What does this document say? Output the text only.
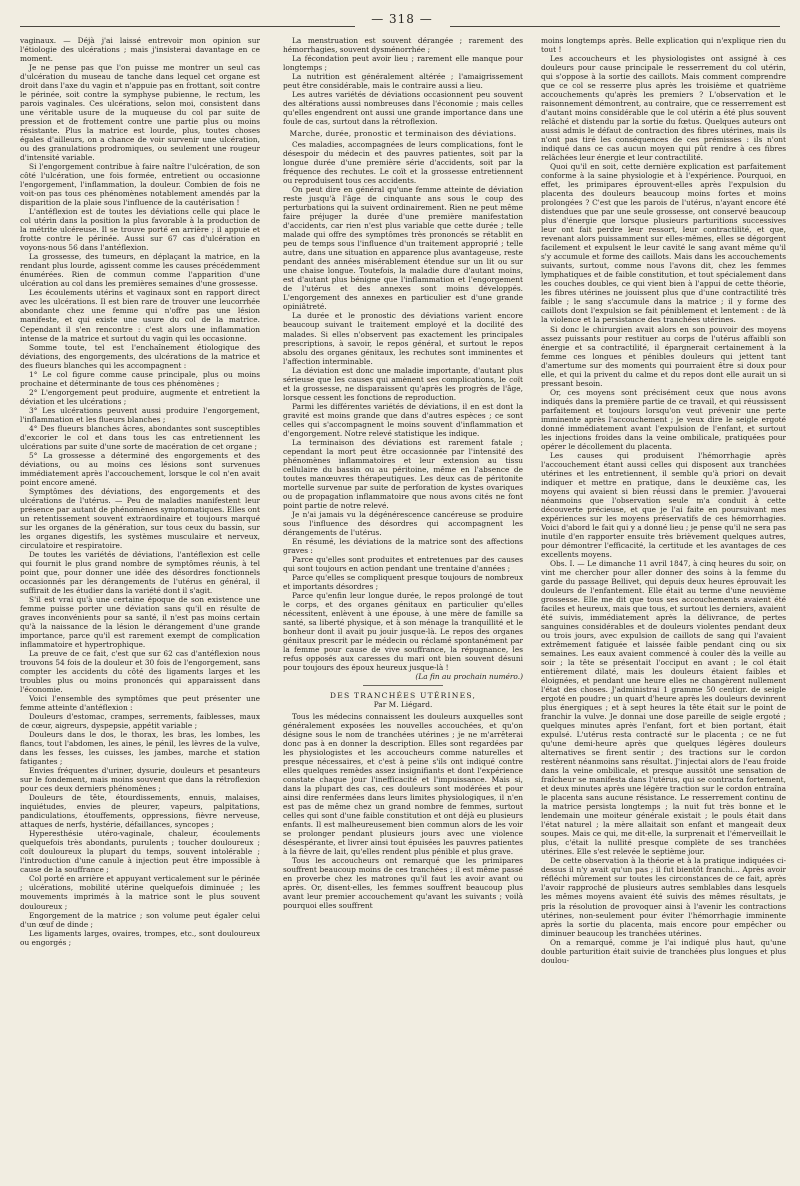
— 318 —

vaginaux. — Déjà j'ai laissé entrevoir mon opinion sur l'étiologie des ulcérations ; mais j'insisterai davantage en ce moment.

Je ne pense pas que l'on puisse me montrer un seul cas d'ulcération du museau de tanche dans lequel cet organe est droit dans l'axe du vagin et n'appuie pas en frottant, soit contre le périnée, soit contre la symphyse pubienne, le rectum, les parois vaginales. Ces ulcérations, selon moi, consistent dans une véritable usure de la muqueuse du col par suite de pression et de frottement contre une partie plus ou moins résistante. Plus la matrice est lourde, plus, toutes choses égales d'ailleurs, on a chance de voir survenir une ulcération, ou des granulations prodromiques, ou seulement une rougeur d'intensité variable.

Si l'engorgement contribue à faire naître l'ulcération, de son côté l'ulcération, une fois formée, entretient ou occasionne l'engorgement, l'inflammation, la douleur. Combien de fois ne voit-on pas tous ces phénomènes notablement amendés par la disparition de la plaie sous l'influence de la cautérisation !

L'antéflexion est de toutes les déviations celle qui place le col utérin dans la position la plus favorable à la production de la métrite ulcéreuse. Il se trouve porté en arrière ; il appuie et frotte contre le périnée. Aussi sur 67 cas d'ulcération en voyons-nous 56 dans l'antéflexion.

La grossesse, des tumeurs, en déplaçant la matrice, en la rendant plus lourde, agissent comme les causes précédemment énumérées. Rien de commun comme l'apparition d'une ulcération au col dans les premières semaines d'une grossesse.

Les écoulements utérins et vaginaux sont en rapport direct avec les ulcérations. Il est bien rare de trouver une leucorrhée abondante chez une femme qui n'offre pas une lésion manifeste, et qui existe une usure du col de la matrice. Cependant il s'en rencontre : c'est alors une inflammation intense de la matrice et surtout du vagin qui les occasionne.

Somme toute, tel est l'enchaînement étiologique des déviations, des engorgements, des ulcérations de la matrice et des flueurs blanches qui les accompagnent :

1° Le col figure comme cause principale, plus ou moins prochaine et déterminante de tous ces phénomènes ;

2° L'engorgement peut produire, augmente et entretient la déviation et les ulcérations ;

3° Les ulcérations peuvent aussi produire l'engorgement, l'inflammation et les flueurs blanches ;

4° Des flueurs blanches âcres, abondantes sont susceptibles d'excorier le col et dans tous les cas entretiennent les ulcérations par suite d'une sorte de macération de cet organe ;

5° La grossesse a déterminé des engorgements et des déviations, ou au moins ces lésions sont survenues immédiatement après l'accouchement, lorsque le col n'en avait point encore amené.

Symptômes des déviations, des engorgements et des ulcérations de l'utérus. — Peu de maladies manifestent leur présence par autant de phénomènes symptomatiques. Elles ont un retentissement souvent extraordinaire et toujours marqué sur les organes de la génération, sur tous ceux du bassin, sur les organes digestifs, les systèmes musculaire et nerveux, circulatoire et respiratoire.

De toutes les variétés de déviations, l'antéflexion est celle qui fournit le plus grand nombre de symptômes réunis, à tel point que, pour donner une idée des désordres fonctionnels occasionnés par les dérangements de l'utérus en général, il suffirait de les étudier dans la variété dont il s'agit.

S'il est vrai qu'à une certaine époque de son existence une femme puisse porter une déviation sans qu'il en résulte de graves inconvénients pour sa santé, il n'est pas moins certain qu'à la naissance de la lésion le dérangement d'une grande importance, parce qu'il est rarement exempt de complication inflammatoire et hypertrophique.

La preuve de ce fait, c'est que sur 62 cas d'antéflexion nous trouvons 54 fois de la douleur et 30 fois de l'engorgement, sans compter les accidents du côté des ligaments larges et les troubles plus ou moins prononcés qui apparaissent dans l'économie.

Voici l'ensemble des symptômes que peut présenter une femme atteinte d'antéflexion :

Douleurs d'estomac, crampes, serrements, faiblesses, maux de cœur, aigreurs, dyspepsie, appétit variable ;

Douleurs dans le dos, le thorax, les bras, les lombes, les flancs, tout l'abdomen, les aines, le pénil, les lèvres de la vulve, dans les fesses, les cuisses, les jambes, marche et station fatigantes ;

Envies fréquentes d'uriner, dysurie, douleurs et pesanteurs sur le fondement, mais moins souvent que dans la rétroflexion pour ces deux derniers phénomènes ;

Douleurs de tête, étourdissements, ennuis, malaises, inquiétudes, envies de pleurer, vapeurs, palpitations, pandiculations, étouffements, oppressions, fièvre nerveuse, attaques de nerfs, hystérie, défaillances, syncopes ;

Hyperesthésie utéro-vaginale, chaleur, écoulements quelquefois très abondants, purulents ; toucher douloureux ; coït douloureux la plupart du temps, souvent intolérable ; l'introduction d'une canule à injection peut être impossible à cause de la souffrance ;

Col porté en arrière et appuyant verticalement sur le périnée ; ulcérations, mobilité utérine quelquefois diminuée ; les mouvements imprimés à la matrice sont le plus souvent douloureux ;

Engorgement de la matrice ; son volume peut égaler celui d'un œuf de dinde ;

Les ligaments larges, ovaires, trompes, etc., sont douloureux ou engorgés ;

La menstruation est souvent dérangée ; rarement des hémorrhagies, souvent dysménorrhée ;

La fécondation peut avoir lieu ; rarement elle manque pour longtemps ;

La nutrition est généralement altérée ; l'amaigrissement peut être considérable, mais le contraire aussi a lieu.

Les autres variétés de déviations occasionnent peu souvent des altérations aussi nombreuses dans l'économie ; mais celles qu'elles engendrent ont aussi une grande importance dans une foule de cas, surtout dans la rétroflexion.

Marche, durée, pronostic et terminaison des déviations.

Ces maladies, accompagnées de leurs complications, font le désespoir du médecin et des pauvres patientes, soit par la longue durée d'une première série d'accidents, soit par la fréquence des rechutes. Le coït et la grossesse entretiennent ou reproduisent tous ces accidents.

On peut dire en général qu'une femme atteinte de déviation reste jusqu'à l'âge de cinquante ans sous le coup des perturbations qui la suivent ordinairement. Rien ne peut même faire préjuger la durée d'une première manifestation d'accidents, car rien n'est plus variable que cette durée ; telle malade qui offre des symptômes très prononcés se rétablit en peu de temps sous l'influence d'un traitement approprié ; telle autre, dans une situation en apparence plus avantageuse, reste pendant des années misérablement étendue sur un lit ou sur une chaise longue. Toutefois, la maladie dure d'autant moins, est d'autant plus bénigne que l'inflammation et l'engorgement de l'utérus et des annexes sont moins développés. L'engorgement des annexes en particulier est d'une grande opiniâtreté.

La durée et le pronostic des déviations varient encore beaucoup suivant le traitement employé et la docilité des malades. Si elles n'observent pas exactement les principales prescriptions, à savoir, le repos général, et surtout le repos absolu des organes génitaux, les rechutes sont imminentes et l'affection interminable.

La déviation est donc une maladie importante, d'autant plus sérieuse que les causes qui amènent ses complications, le coït et la grossesse, ne disparaissent qu'après les progrès de l'âge, lorsque cessent les fonctions de reproduction.

Parmi les différentes variétés de déviations, il en est dont la gravité est moins grande que dans d'autres espèces ; ce sont celles qui s'accompagnent le moins souvent d'inflammation et d'engorgement. Notre relevé statistique les indique.

La terminaison des déviations est rarement fatale ; cependant la mort peut être occasionnée par l'intensité des phénomènes inflammatoires et leur extension au tissu cellulaire du bassin ou au péritoine, même en l'absence de toutes manœuvres thérapeutiques. Les deux cas de péritonite mortelle survenue par suite de perforation de kystes ovariques ou de propagation inflammatoire que nous avons cités ne font point partie de notre relevé.

Je n'ai jamais vu la dégénérescence cancéreuse se produire sous l'influence des désordres qui accompagnent les dérangements de l'utérus.

En résumé, les déviations de la matrice sont des affections graves :

Parce qu'elles sont produites et entretenues par des causes qui sont toujours en action pendant une trentaine d'années ;

Parce qu'elles se compliquent presque toujours de nombreux et importants désordres ;

Parce qu'enfin leur longue durée, le repos prolongé de tout le corps, et des organes génitaux en particulier qu'elles nécessitent, enlèvent à une épouse, à une mère de famille sa santé, sa liberté physique, et à son ménage la tranquillité et le bonheur dont il avait pu jouir jusque-là. Le repos des organes génitaux prescrit par le médecin ou réclamé spontanément par la femme pour cause de vive souffrance, la répugnance, les refus opposés aux caresses du mari ont bien souvent désuni pour toujours des époux heureux jusque-là !

(La fin au prochain numéro.)

DES TRANCHÉES UTÉRINES,

Par M. Liégard.

Tous les médecins connaissent les douleurs auxquelles sont généralement exposées les nouvelles accouchées, et qu'on désigne sous le nom de tranchées utérines ; je ne m'arrêterai donc pas à en donner la description. Elles sont regardées par les physiologistes et les accoucheurs comme naturelles et presque nécessaires, et c'est à peine s'ils ont indiqué contre elles quelques remèdes assez insignifiants et dont l'expérience constate chaque jour l'inefficacité et l'impuissance. Mais si, dans la plupart des cas, ces douleurs sont modérées et pour ainsi dire renfermées dans leurs limites physiologiques, il n'en est pas de même chez un grand nombre de femmes, surtout celles qui sont d'une faible constitution et ont déjà eu plusieurs enfants. Il est malheureusement bien commun alors de les voir se prolonger pendant plusieurs jours avec une violence désespérante, et livrer ainsi tout épuisées les pauvres patientes à la fièvre de lait, qu'elles rendent plus pénible et plus grave.

Tous les accoucheurs ont remarqué que les primipares souffrent beaucoup moins de ces tranchées ; il est même passé en proverbe chez les matrones qu'il faut les avoir avant ou après. Or, disent-elles, les femmes souffrent beaucoup plus avant leur premier accouchement qu'avant les suivants ; voilà pourquoi elles souffrent

moins longtemps après. Belle explication qui n'explique rien du tout !

Les accoucheurs et les physiologistes ont assigné à ces douleurs pour cause principale le resserrement du col utérin, qui s'oppose à la sortie des caillots. Mais comment comprendre que ce col se resserre plus après les troisième et quatrième accouchements qu'après les premiers ? L'observation et le raisonnement démontrent, au contraire, que ce resserrement est d'autant moins considérable que le col utérin a été plus souvent relâché et distendu par la sortie du fœtus. Quelques auteurs ont aussi admis le défaut de contraction des fibres utérines, mais ils n'ont pas tiré les conséquences de ces prémisses : ils n'ont indiqué dans ce cas aucun moyen qui pût rendre à ces fibres relâchées leur énergie et leur contractilité.

Quoi qu'il en soit, cette dernière explication est parfaitement conforme à la saine physiologie et à l'expérience. Pourquoi, en effet, les primipares éprouvent-elles après l'expulsion du placenta des douleurs beaucoup moins fortes et moins prolongées ? C'est que les parois de l'utérus, n'ayant encore été distendues que par une seule grossesse, ont conservé beaucoup plus d'énergie que lorsque plusieurs parturitions successives leur ont fait perdre leur ressort, leur contractilité, et que, revenant alors puissamment sur elles-mêmes, elles se dégorgent facilement et expulsent le leur cavité le sang avant même qu'il s'y accumule et forme des caillots. Mais dans les accouchements suivants, surtout, comme nous l'avons dit, chez les femmes lymphatiques et de faible constitution, et tout spécialement dans les couches doubles, ce qui vient bien à l'appui de cette théorie, les fibres utérines ne jouissent plus que d'une contractilité très faible ; le sang s'accumule dans la matrice ; il y forme des caillots dont l'expulsion se fait péniblement et lentement : de là la violence et la persistance des tranchées utérines.

Si donc le chirurgien avait alors en son pouvoir des moyens assez puissants pour restituer au corps de l'utérus affaibli son énergie et sa contractilité, il épargnerait certainement à la femme ces longues et pénibles douleurs qui jettent tant d'amertume sur des moments qui pourraient être si doux pour elle, et qui la privent du calme et du repos dont elle aurait un si pressant besoin.

Or, ces moyens sont précisément ceux que nous avons indiqués dans la première partie de ce travail, et qui réussissent parfaitement et toujours lorsqu'on veut prévenir une perte imminente après l'accouchement ; je veux dire le seigle ergoté donné immédiatement avant l'expulsion de l'enfant, et surtout les injections froides dans la veine ombilicale, pratiquées pour opérer le décollement du placenta.

Les causes qui produisent l'hémorrhagie après l'accouchement étant aussi celles qui disposent aux tranchées utérines et les entretiennent, il semble qu'à priori on devait indiquer et mettre en pratique, dans le deuxième cas, les moyens qui avaient si bien réussi dans le premier. J'avouerai néanmoins que l'observation seule m'a conduit à cette découverte précieuse, et que je l'ai faite en poursuivant mes expériences sur les moyens préservatifs de ces hémorrhagies. Voici d'abord le fait qui y a donné lieu ; je pense qu'il ne sera pas inutile d'en rapporter ensuite très brièvement quelques autres, pour démontrer l'efficacité, la certitude et les avantages de ces excellents moyens.

Obs. I. — Le dimanche 11 avril 1847, à cinq heures du soir, on vint me chercher pour aller donner des soins à la femme du garde du passage Bellivet, qui depuis deux heures éprouvait les douleurs de l'enfantement. Elle était au terme d'une neuvième grossesse. Elle me dit que tous ses accouchements avaient été faciles et heureux, mais que tous, et surtout les derniers, avaient été suivis, immédiatement après la délivrance, de pertes sanguines considérables et de douleurs violentes pendant deux ou trois jours, avec expulsion de caillots de sang qui l'avaient extrêmement fatiguée et laissée faible pendant cinq ou six semaines. Les eaux avaient commencé à couler dès la veille au soir ; la tête se présentait l'occiput en avant ; le col était entièrement dilaté, mais les douleurs étaient faibles et éloignées, et pendant une heure elles ne changèrent nullement l'état des choses. J'administrai 1 gramme 50 centigr. de seigle ergoté en poudre ; un quart d'heure après les douleurs devinrent plus énergiques ; et à sept heures la tête était sur le point de franchir la vulve. Je donnai une dose pareille de seigle ergoté ; quelques minutes après l'enfant, fort et bien portant, était expulsé. L'utérus resta contracté sur le placenta ; ce ne fut qu'une demi-heure après que quelques légères douleurs alternatives se firent sentir ; des tractions sur le cordon restèrent néanmoins sans résultat. J'injectai alors de l'eau froide dans la veine ombilicale, et presque aussitôt une sensation de fraîcheur se manifesta dans l'utérus, qui se contracta fortement, et deux minutes après une légère traction sur le cordon entraîna le placenta sans aucune résistance. Le resserrement continu de la matrice persista longtemps ; la nuit fut très bonne et le lendemain une moiteur générale existait ; le pouls était dans l'état naturel ; la mère allaitait son enfant et mangeait deux soupes. Mais ce qui, me dit-elle, la surprenait et l'émerveillait le plus, c'était la nullité presque complète de ses tranchées utérines. Elle s'est relevée le septième jour.

De cette observation à la théorie et à la pratique indiquées ci-dessus il n'y avait qu'un pas ; il fut bientôt franchi... Après avoir réfléchi mûrement sur toutes les circonstances de ce fait, après l'avoir rapproché de plusieurs autres semblables dans lesquels les mêmes moyens avaient été suivis des mêmes résultats, je pris la résolution de provoquer ainsi à l'avenir les contractions utérines, non-seulement pour éviter l'hémorrhagie imminente après la sortie du placenta, mais encore pour empêcher ou diminuer beaucoup les tranchées utérines.

On a remarqué, comme je l'ai indiqué plus haut, qu'une double parturition était suivie de tranchées plus longues et plus doulou-
